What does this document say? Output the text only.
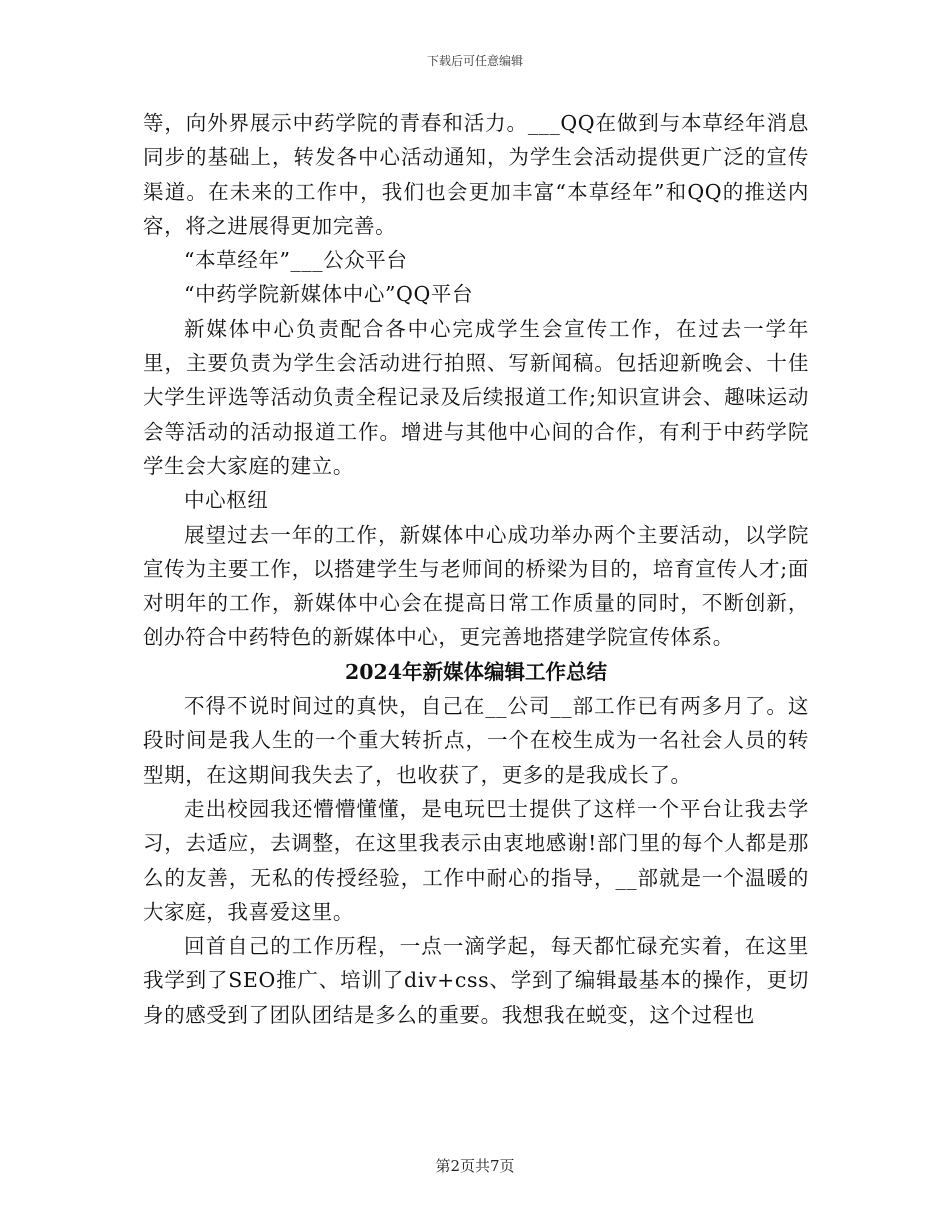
下载后可任意编辑

等，向外界展示中药学院的青春和活力。___QQ在做到与本草经年消息同步的基础上，转发各中心活动通知，为学生会活动提供更广泛的宣传渠道。在未来的工作中，我们也会更加丰富“本草经年”和QQ的推送内容，将之进展得更加完善。

“本草经年”___公众平台

“中药学院新媒体中心”QQ平台

新媒体中心负责配合各中心完成学生会宣传工作，在过去一学年里，主要负责为学生会活动进行拍照、写新闻稿。包括迎新晚会、十佳大学生评选等活动负责全程记录及后续报道工作;知识宣讲会、趣味运动会等活动的活动报道工作。增进与其他中心间的合作，有利于中药学院学生会大家庭的建立。

中心枢纽

展望过去一年的工作，新媒体中心成功举办两个主要活动，以学院宣传为主要工作，以搭建学生与老师间的桥梁为目的，培育宣传人才;面对明年的工作，新媒体中心会在提高日常工作质量的同时，不断创新，创办符合中药特色的新媒体中心，更完善地搭建学院宣传体系。

2024年新媒体编辑工作总结

不得不说时间过的真快，自己在__公司__部工作已有两多月了。这段时间是我人生的一个重大转折点，一个在校生成为一名社会人员的转型期，在这期间我失去了，也收获了，更多的是我成长了。

走出校园我还懵懵懂懂，是电玩巴士提供了这样一个平台让我去学习，去适应，去调整，在这里我表示由衷地感谢!部门里的每个人都是那么的友善，无私的传授经验，工作中耐心的指导，__部就是一个温暖的大家庭，我喜爱这里。

回首自己的工作历程，一点一滴学起，每天都忙碌充实着，在这里我学到了SEO推广、培训了div+css、学到了编辑最基本的操作，更切身的感受到了团队团结是多么的重要。我想我在蜕变，这个过程也

第2页共7页
